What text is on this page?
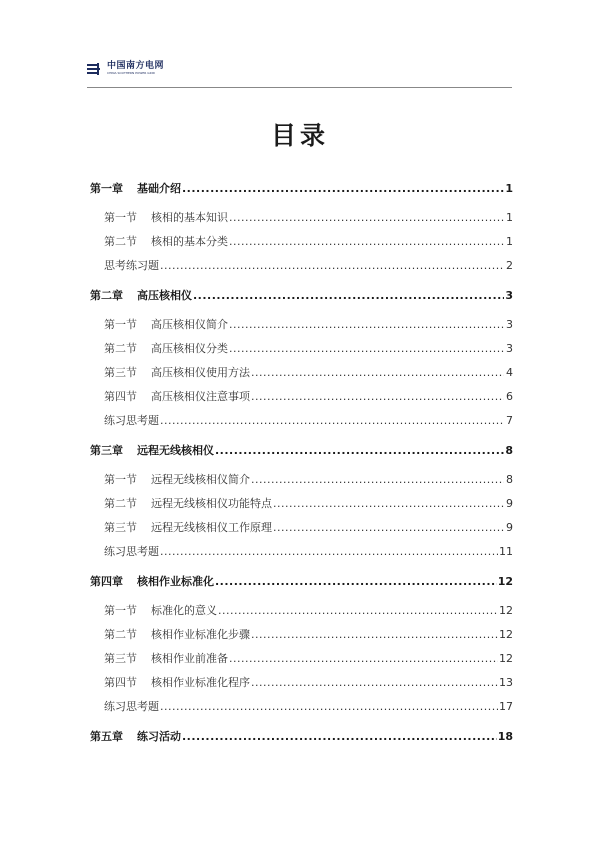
中国南方电网
CHINA SOUTHERN POWER GRID
目录
第一章 基础介绍 .....	1
第一节 核相的基本知识 .....	1
第二节 核相的基本分类 .....	1
思考练习题 .....	2
第二章 高压核相仪 .....	3
第一节 高压核相仪简介 .....	3
第二节 高压核相仪分类 .....	3
第三节 高压核相仪使用方法 .....	4
第四节 高压核相仪注意事项 .....	6
练习思考题 .....	7
第三章 远程无线核相仪 .....	8
第一节 远程无线核相仪简介 .....	8
第二节 远程无线核相仪功能特点 .....	9
第三节 远程无线核相仪工作原理 .....	9
练习思考题 .....	11
第四章 核相作业标准化 .....	12
第一节 标准化的意义 .....	12
第二节 核相作业标准化步骤 .....	12
第三节 核相作业前准备 .....	12
第四节 核相作业标准化程序 .....	13
练习思考题 .....	17
第五章 练习活动 .....	18
